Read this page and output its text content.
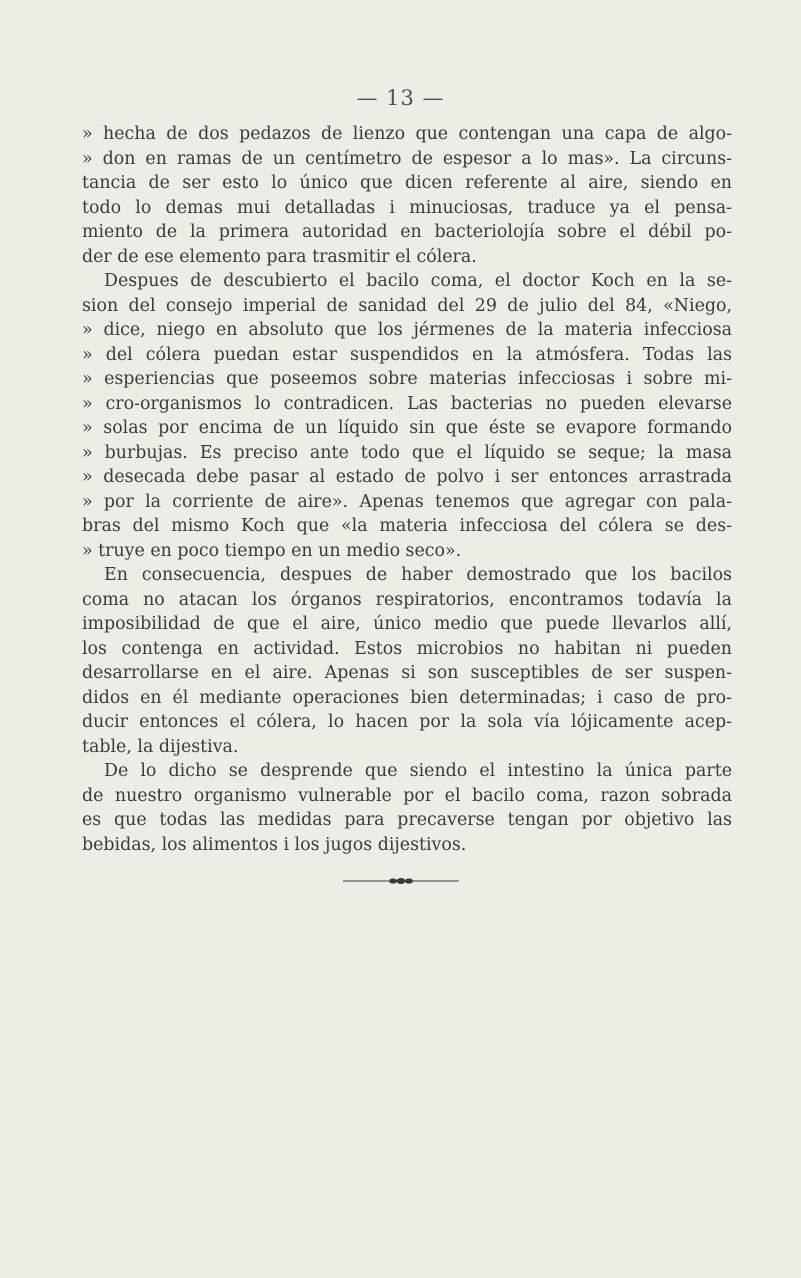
— 13 —
» hecha de dos pedazos de lienzo que contengan una capa de algo-
» don en ramas de un centímetro de espesor a lo mas». La circuns-
tancia de ser esto lo único que dicen referente al aire, siendo en
todo lo demas mui detalladas i minuciosas, traduce ya el pensa-
miento de la primera autoridad en bacteriolojía sobre el débil po-
der de ese elemento para trasmitir el cólera.
Despues de descubierto el bacilo coma, el doctor Koch en la se-
sion del consejo imperial de sanidad del 29 de julio del 84, «Niego,
» dice, niego en absoluto que los jérmenes de la materia infecciosa
» del cólera puedan estar suspendidos en la atmósfera. Todas las
» esperiencias que poseemos sobre materias infecciosas i sobre mi-
» cro-organismos lo contradicen. Las bacterias no pueden elevarse
» solas por encima de un líquido sin que éste se evapore formando
» burbujas. Es preciso ante todo que el líquido se seque; la masa
» desecada debe pasar al estado de polvo i ser entonces arrastrada
» por la corriente de aire». Apenas tenemos que agregar con pala-
bras del mismo Koch que «la materia infecciosa del cólera se des-
» truye en poco tiempo en un medio seco».
En consecuencia, despues de haber demostrado que los bacilos
coma no atacan los órganos respiratorios, encontramos todavía la
imposibilidad de que el aire, único medio que puede llevarlos allí,
los contenga en actividad. Estos microbios no habitan ni pueden
desarrollarse en el aire. Apenas si son susceptibles de ser suspen-
didos en él mediante operaciones bien determinadas; i caso de pro-
ducir entonces el cólera, lo hacen por la sola vía lójicamente acep-
table, la dijestiva.
De lo dicho se desprende que siendo el intestino la única parte
de nuestro organismo vulnerable por el bacilo coma, razon sobrada
es que todas las medidas para precaverse tengan por objetivo las
bebidas, los alimentos i los jugos dijestivos.
